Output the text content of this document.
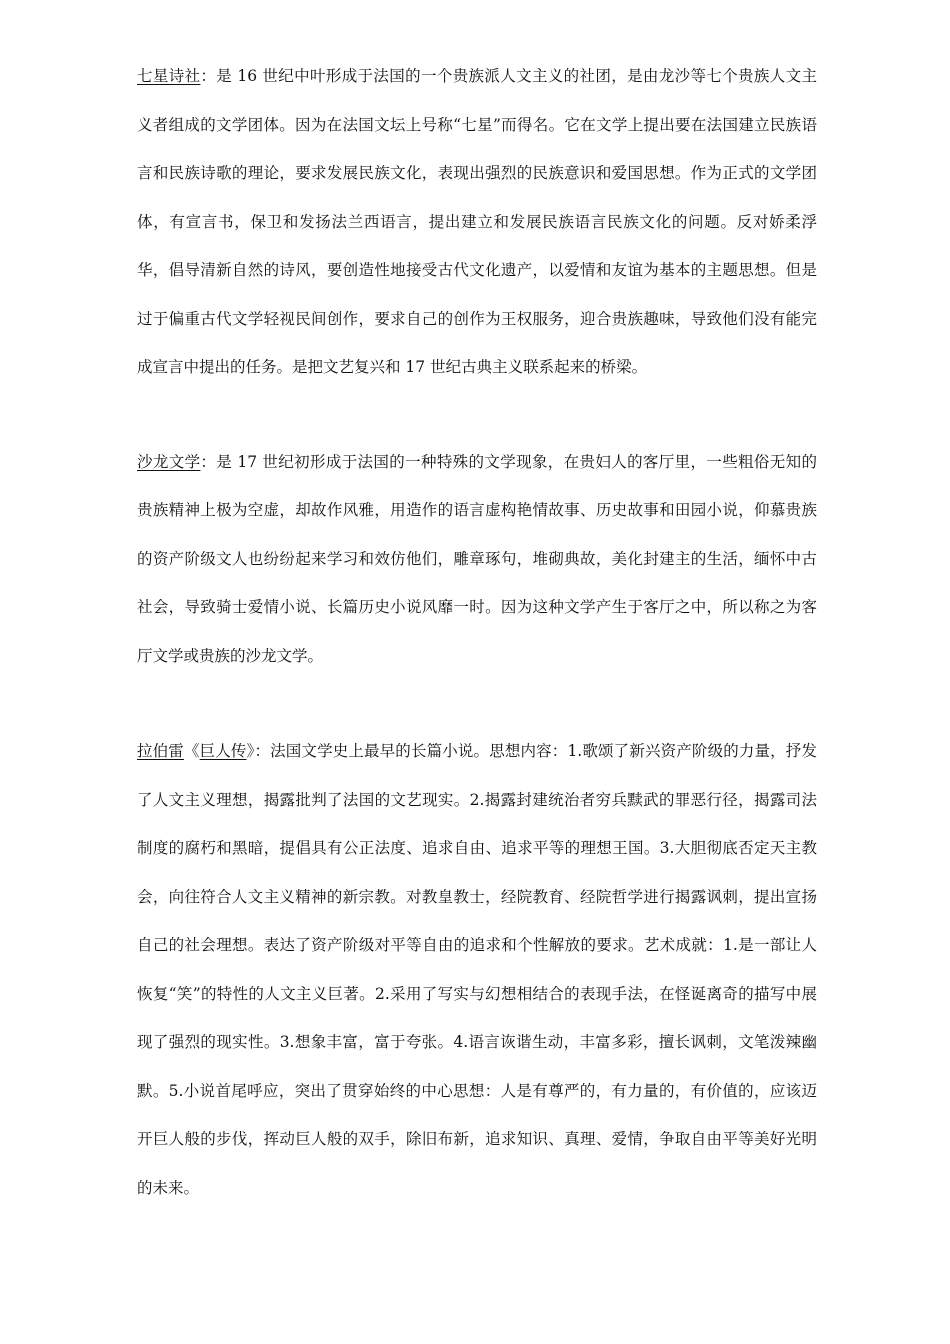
七星诗社：是 16 世纪中叶形成于法国的一个贵族派人文主义的社团，是由龙沙等七个贵族人文主义者组成的文学团体。因为在法国文坛上号称“七星”而得名。它在文学上提出要在法国建立民族语言和民族诗歌的理论，要求发展民族文化，表现出强烈的民族意识和爱国思想。作为正式的文学团体，有宣言书，保卫和发扬法兰西语言，提出建立和发展民族语言民族文化的问题。反对娇柔浮华，倡导清新自然的诗风，要创造性地接受古代文化遗产，以爱情和友谊为基本的主题思想。但是过于偏重古代文学轻视民间创作，要求自己的创作为王权服务，迎合贵族趣味，导致他们没有能完成宣言中提出的任务。是把文艺复兴和 17 世纪古典主义联系起来的桥梁。

沙龙文学：是 17 世纪初形成于法国的一种特殊的文学现象，在贵妇人的客厅里，一些粗俗无知的贵族精神上极为空虚，却故作风雅，用造作的语言虚构艳情故事、历史故事和田园小说，仰慕贵族的资产阶级文人也纷纷起来学习和效仿他们，雕章琢句，堆砌典故，美化封建主的生活，缅怀中古社会，导致骑士爱情小说、长篇历史小说风靡一时。因为这种文学产生于客厅之中，所以称之为客厅文学或贵族的沙龙文学。

拉伯雷《巨人传》：法国文学史上最早的长篇小说。思想内容：1.歌颂了新兴资产阶级的力量，抒发了人文主义理想，揭露批判了法国的文艺现实。2.揭露封建统治者穷兵黩武的罪恶行径，揭露司法制度的腐朽和黑暗，提倡具有公正法度、追求自由、追求平等的理想王国。3.大胆彻底否定天主教会，向往符合人文主义精神的新宗教。对教皇教士，经院教育、经院哲学进行揭露讽刺，提出宣扬自己的社会理想。表达了资产阶级对平等自由的追求和个性解放的要求。艺术成就：1.是一部让人恢复“笑”的特性的人文主义巨著。2.采用了写实与幻想相结合的表现手法，在怪诞离奇的描写中展现了强烈的现实性。3.想象丰富，富于夸张。4.语言诙谐生动，丰富多彩，擅长讽刺，文笔泼辣幽默。5.小说首尾呼应，突出了贯穿始终的中心思想：人是有尊严的，有力量的，有价值的，应该迈开巨人般的步伐，挥动巨人般的双手，除旧布新，追求知识、真理、爱情，争取自由平等美好光明的未来。
